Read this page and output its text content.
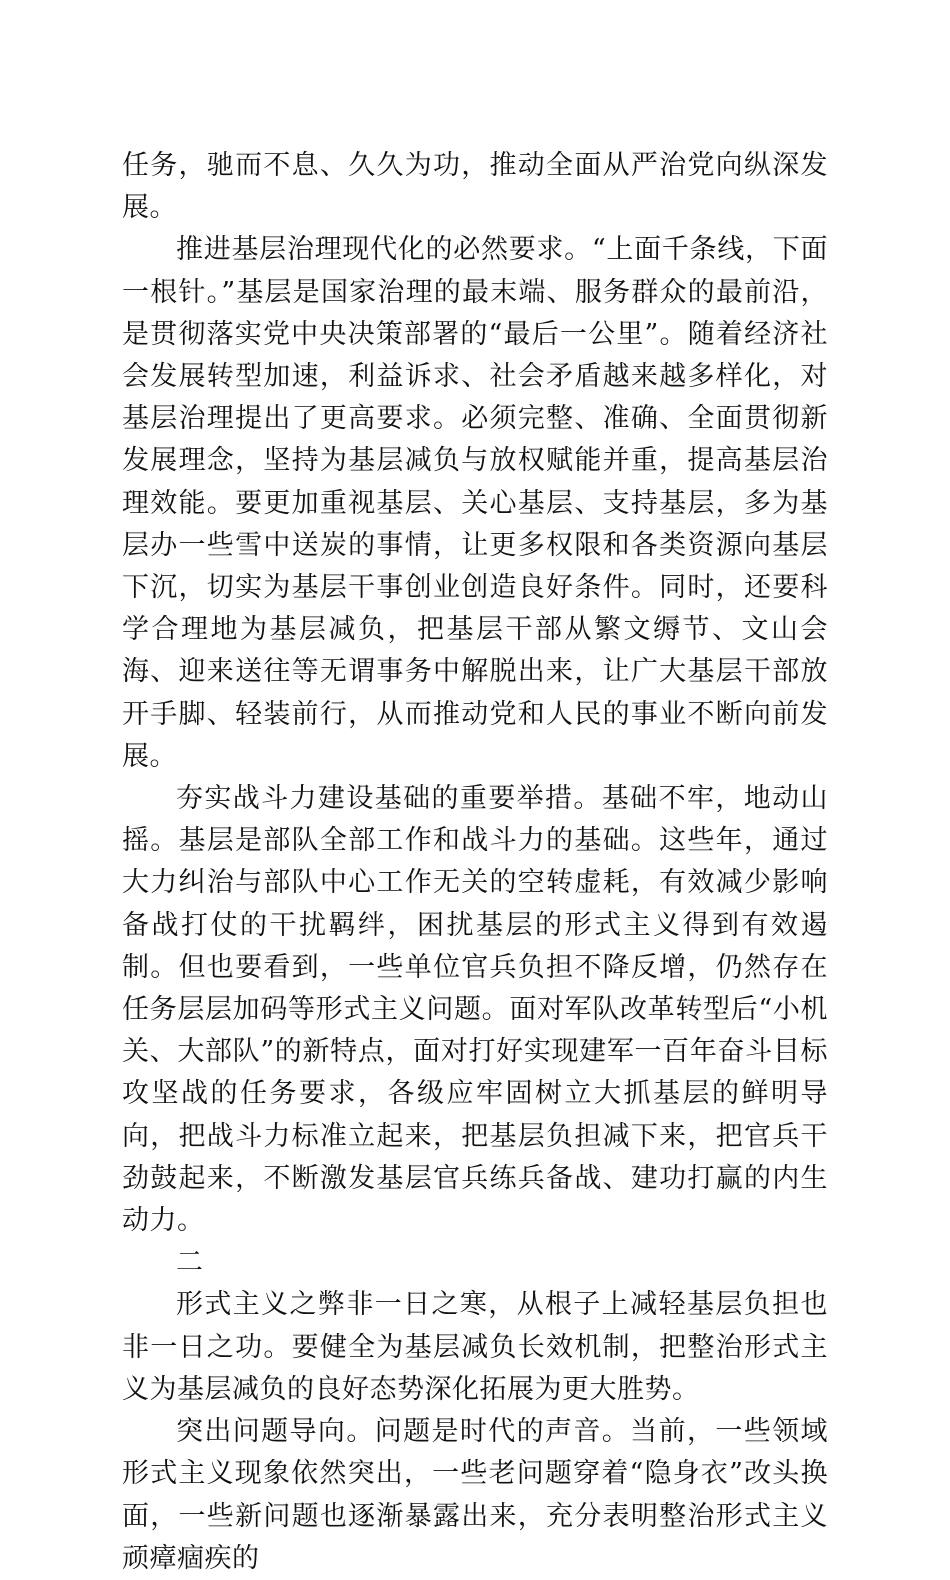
任务，驰而不息、久久为功，推动全面从严治党向纵深发展。

推进基层治理现代化的必然要求。“上面千条线，下面一根针。”基层是国家治理的最末端、服务群众的最前沿，是贯彻落实党中央决策部署的“最后一公里”。随着经济社会发展转型加速，利益诉求、社会矛盾越来越多样化，对基层治理提出了更高要求。必须完整、准确、全面贯彻新发展理念，坚持为基层减负与放权赋能并重，提高基层治理效能。要更加重视基层、关心基层、支持基层，多为基层办一些雪中送炭的事情，让更多权限和各类资源向基层下沉，切实为基层干事创业创造良好条件。同时，还要科学合理地为基层减负，把基层干部从繁文缛节、文山会海、迎来送往等无谓事务中解脱出来，让广大基层干部放开手脚、轻装前行，从而推动党和人民的事业不断向前发展。

夯实战斗力建设基础的重要举措。基础不牢，地动山摇。基层是部队全部工作和战斗力的基础。这些年，通过大力纠治与部队中心工作无关的空转虚耗，有效减少影响备战打仗的干扰羁绊，困扰基层的形式主义得到有效遏制。但也要看到，一些单位官兵负担不降反增，仍然存在任务层层加码等形式主义问题。面对军队改革转型后“小机关、大部队”的新特点，面对打好实现建军一百年奋斗目标攻坚战的任务要求，各级应牢固树立大抓基层的鲜明导向，把战斗力标准立起来，把基层负担减下来，把官兵干劲鼓起来，不断激发基层官兵练兵备战、建功打赢的内生动力。

二

形式主义之弊非一日之寒，从根子上减轻基层负担也非一日之功。要健全为基层减负长效机制，把整治形式主义为基层减负的良好态势深化拓展为更大胜势。

突出问题导向。问题是时代的声音。当前，一些领域形式主义现象依然突出，一些老问题穿着“隐身衣”改头换面，一些新问题也逐渐暴露出来，充分表明整治形式主义顽瘴痼疾的
